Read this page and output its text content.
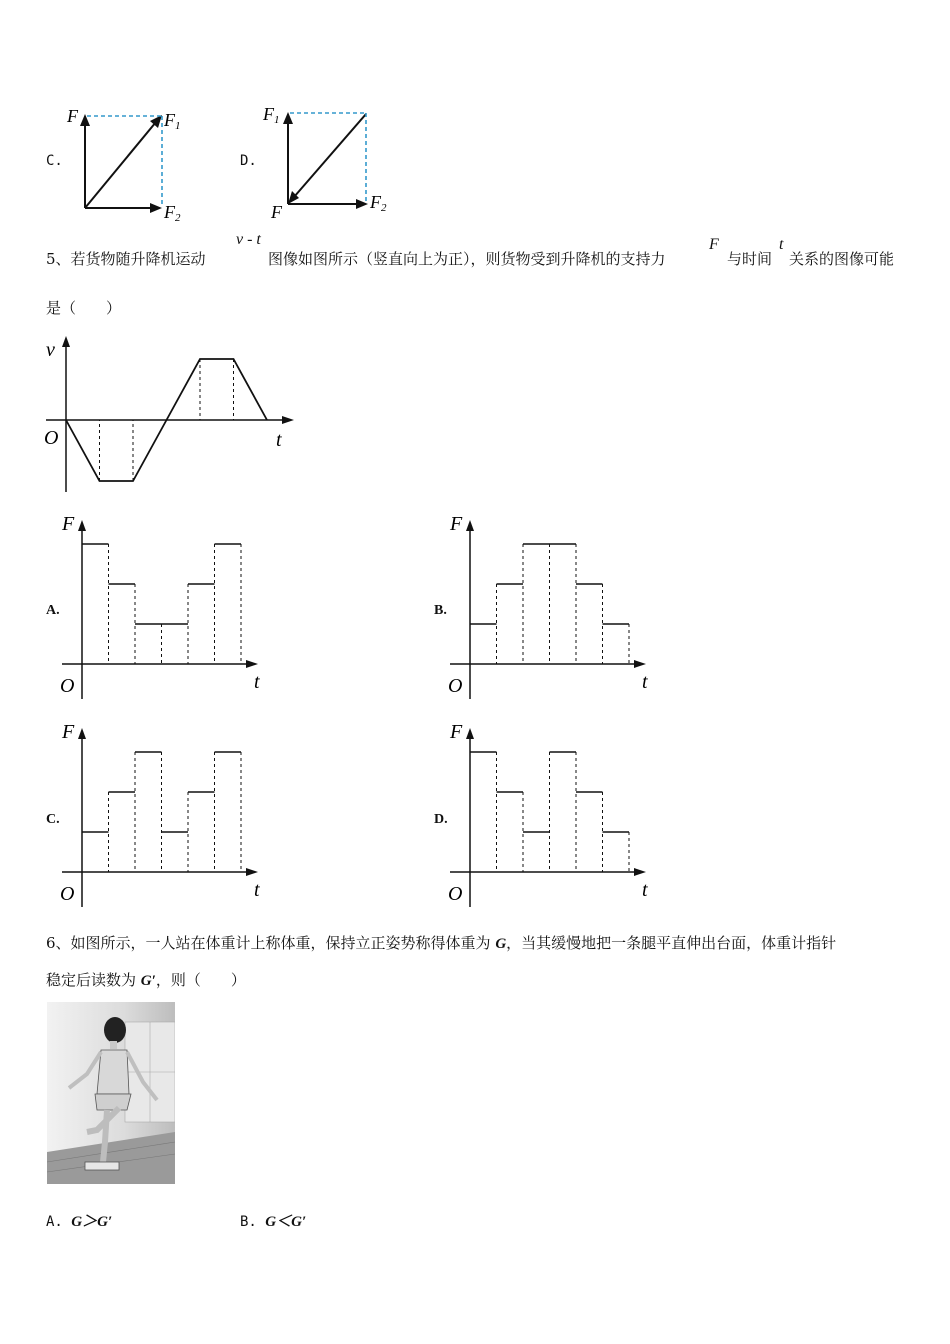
C.
F	F 1
F 2
D.
F 1
F	F 2
5、若货物随升降机运动
v - t
图像如图所示（竖直向上为正），则货物受到升降机的支持力
F
与时间
t
关系的图像可能
是（　　）
v
O	t
A.	B.
C.	D.
F
O	t
F
O	t
F
O	t
F
O	t
6、如图所示，一人站在体重计上称体重，保持立正姿势称得体重为 G，当其缓慢地把一条腿平直伸出台面，体重计指针
稳定后读数为 G′，则（　　）
A. G＞G′	B. G＜G′
